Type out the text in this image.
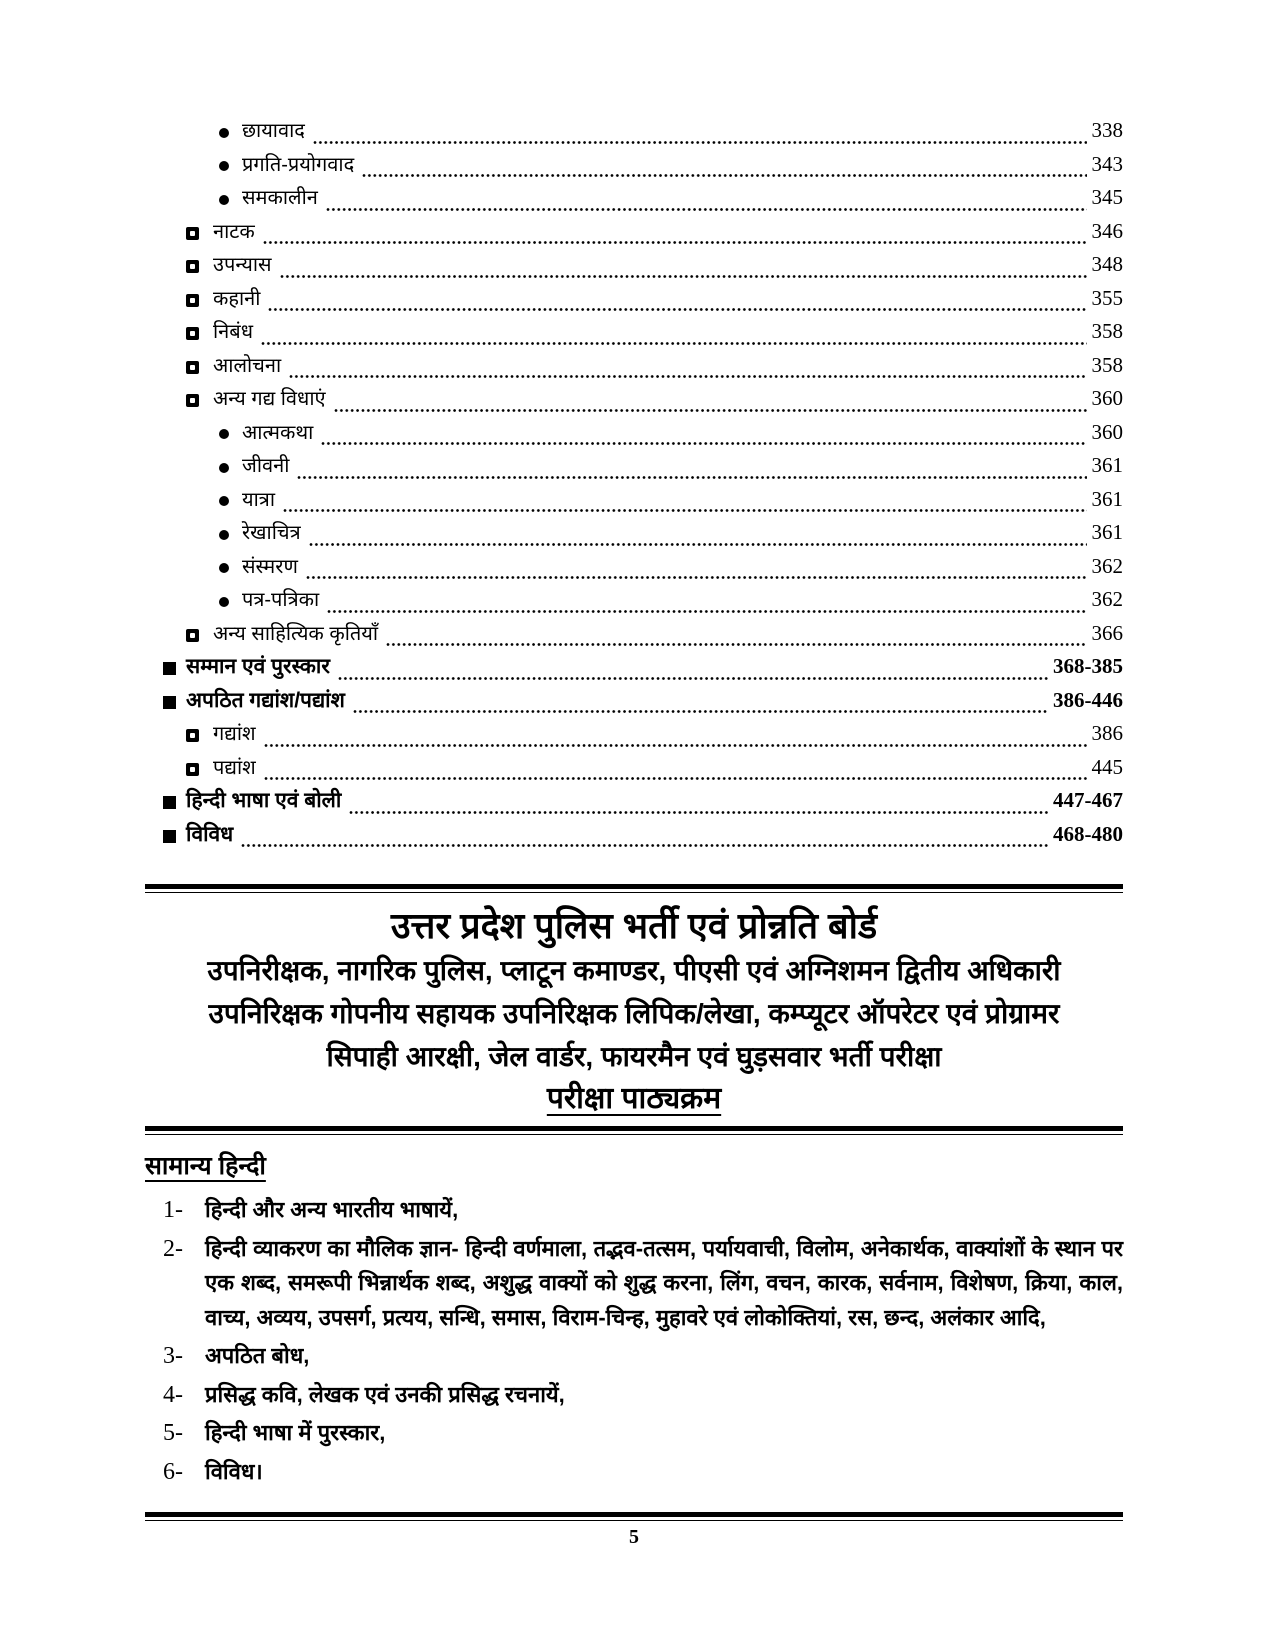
छायावाद	338
प्रगति-प्रयोगवाद	343
समकालीन	345
नाटक	346
उपन्यास	348
कहानी	355
निबंध	358
आलोचना	358
अन्य गद्य विधाएं	360
आत्मकथा	360
जीवनी	361
यात्रा	361
रेखाचित्र	361
संस्मरण	362
पत्र-पत्रिका	362
अन्य साहित्यिक कृतियाँ	366
सम्मान एवं पुरस्कार	368-385
अपठित गद्यांश/पद्यांश	386-446
गद्यांश	386
पद्यांश	445
हिन्दी भाषा एवं बोली	447-467
विविध	468-480
उत्तर प्रदेश पुलिस भर्ती एवं प्रोन्नति बोर्ड
उपनिरीक्षक, नागरिक पुलिस, प्लाटून कमाण्डर, पीएसी एवं अग्निशमन द्वितीय अधिकारी
उपनिरिक्षक गोपनीय सहायक उपनिरिक्षक लिपिक/लेखा, कम्प्यूटर ऑपरेटर एवं प्रोग्रामर
सिपाही आरक्षी, जेल वार्डर, फायरमैन एवं घुड़सवार भर्ती परीक्षा
परीक्षा पाठ्यक्रम
सामान्य हिन्दी
1-	हिन्दी और अन्य भारतीय भाषायें,
2-	हिन्दी व्याकरण का मौलिक ज्ञान- हिन्दी वर्णमाला, तद्भव-तत्सम, पर्यायवाची, विलोम, अनेकार्थक, वाक्यांशों के स्थान पर एक शब्द, समरूपी भिन्नार्थक शब्द, अशुद्ध वाक्यों को शुद्ध करना, लिंग, वचन, कारक, सर्वनाम, विशेषण, क्रिया, काल, वाच्य, अव्यय, उपसर्ग, प्रत्यय, सन्धि, समास, विराम-चिन्ह, मुहावरे एवं लोकोक्तियां, रस, छन्द, अलंकार आदि,
3-	अपठित बोध,
4-	प्रसिद्ध कवि, लेखक एवं उनकी प्रसिद्ध रचनायें,
5-	हिन्दी भाषा में पुरस्कार,
6-	विविध।
5
